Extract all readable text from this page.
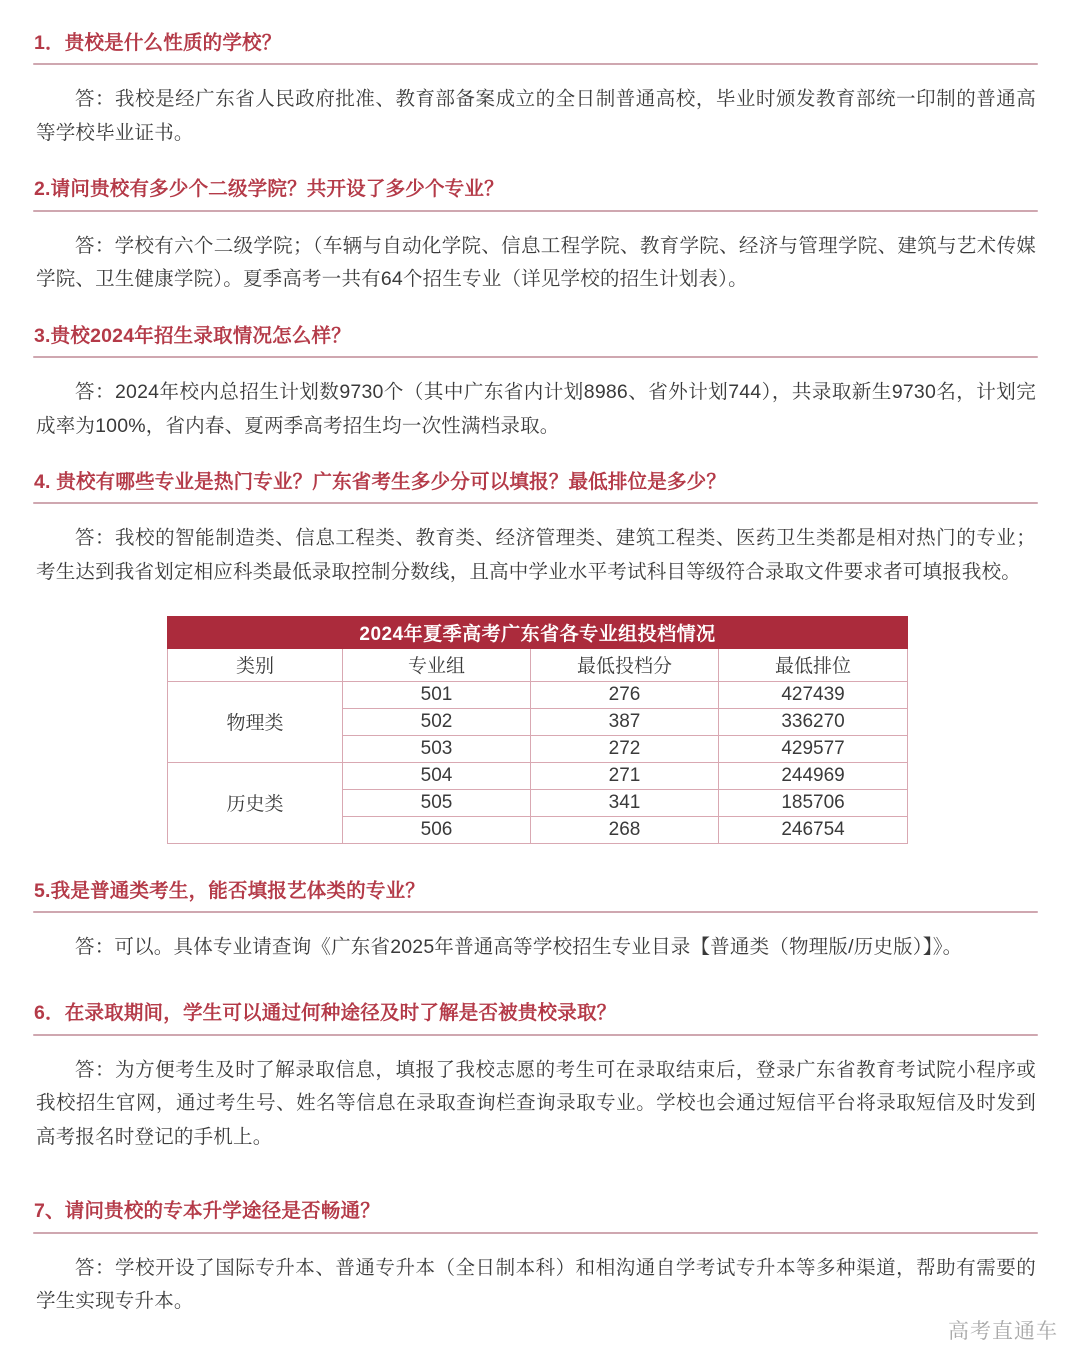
1．贵校是什么性质的学校？
答：我校是经广东省人民政府批准、教育部备案成立的全日制普通高校，毕业时颁发教育部统一印制的普通高等学校毕业证书。
2.请问贵校有多少个二级学院？共开设了多少个专业？
答：学校有六个二级学院；（车辆与自动化学院、信息工程学院、教育学院、经济与管理学院、建筑与艺术传媒学院、卫生健康学院）。夏季高考一共有64个招生专业（详见学校的招生计划表）。
3.贵校2024年招生录取情况怎么样？
答：2024年校内总招生计划数9730个（其中广东省内计划8986、省外计划744），共录取新生9730名，计划完成率为100%，省内春、夏两季高考招生均一次性满档录取。
4. 贵校有哪些专业是热门专业？广东省考生多少分可以填报？最低排位是多少？
答：我校的智能制造类、信息工程类、教育类、经济管理类、建筑工程类、医药卫生类都是相对热门的专业；考生达到我省划定相应科类最低录取控制分数线，且高中学业水平考试科目等级符合录取文件要求者可填报我校。
2024年夏季高考广东省各专业组投档情况			
类别	专业组	最低投档分	最低排位
物理类	501	276	427439
	502	387	336270
	503	272	429577
历史类	504	271	244969
	505	341	185706
	506	268	246754
5.我是普通类考生，能否填报艺体类的专业？
答：可以。具体专业请查询《广东省2025年普通高等学校招生专业目录【普通类（物理版/历史版）】》。
6．在录取期间，学生可以通过何种途径及时了解是否被贵校录取？
答：为方便考生及时了解录取信息，填报了我校志愿的考生可在录取结束后，登录广东省教育考试院小程序或我校招生官网，通过考生号、姓名等信息在录取查询栏查询录取专业。学校也会通过短信平台将录取短信及时发到高考报名时登记的手机上。
7、请问贵校的专本升学途径是否畅通？
答：学校开设了国际专升本、普通专升本（全日制本科）和相沟通自学考试专升本等多种渠道，帮助有需要的学生实现专升本。
高考直通车
